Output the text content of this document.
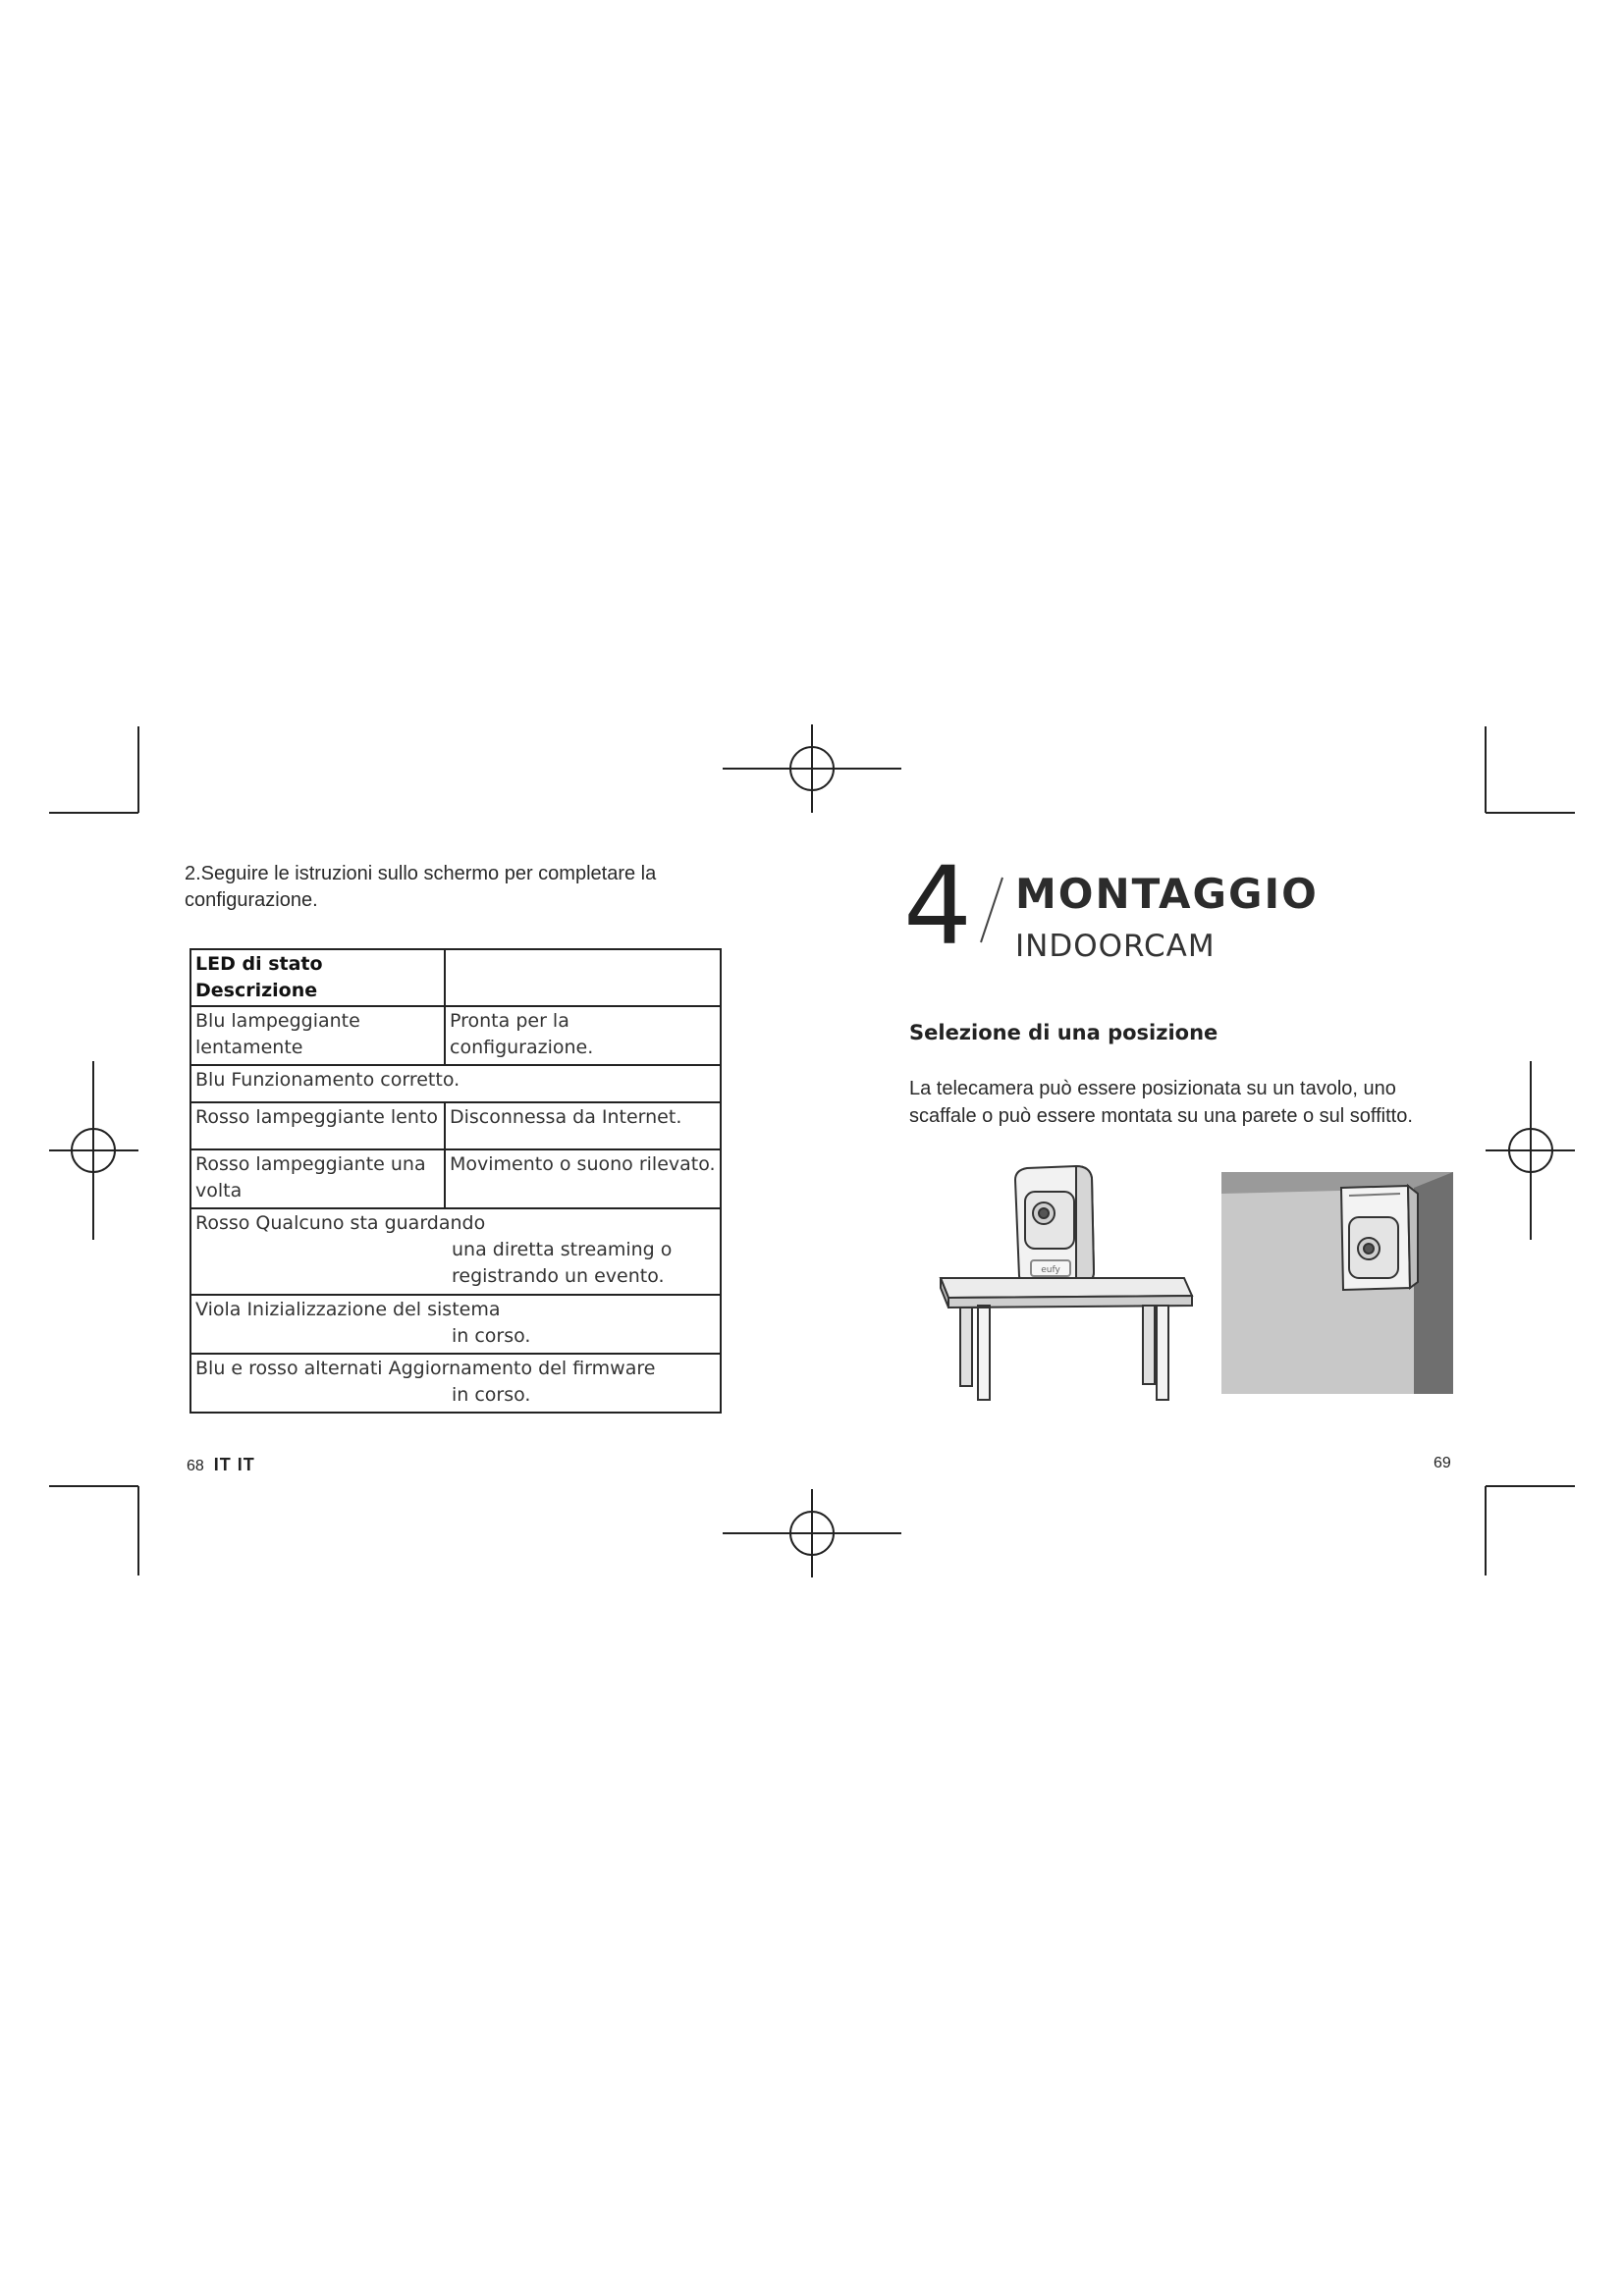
2.Seguire le istruzioni sullo schermo per completare la configurazione.
LED di stato Descrizione	
Blu lampeggiante lentamente	Pronta per la configurazione.
Blu Funzionamento corretto.	
Rosso lampeggiante lento	Disconnessa da Internet.
Rosso lampeggiante una volta	Movimento o suono rilevato.
Rosso Qualcuno sta guardando
una diretta streaming o
registrando un evento.	

Viola Inizializzazione del sistema
in corso.	

Blu e rosso alternati Aggiornamento del firmware
in corso.	
68 IT IT
4 MONTAGGIO
INDOORCAM
Selezione di una posizione
La telecamera può essere posizionata su un tavolo, uno scaffale o può essere montata su una parete o sul soffitto.
eufy
69
